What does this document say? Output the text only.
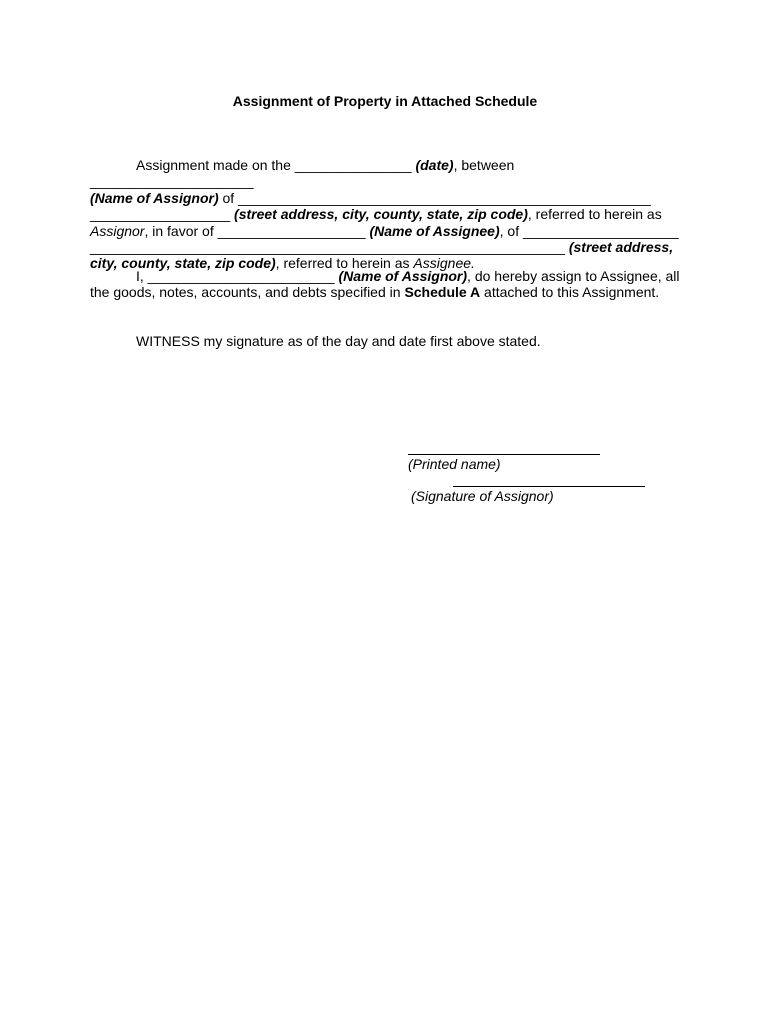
Assignment of Property in Attached Schedule

Assignment made on the _______________ (date), between _____________________
(Name of Assignor) of _____________________________________________________ __________________ (street address, city, county, state, zip code), referred to herein as Assignor, in favor of ___________________ (Name of Assignee), of ____________________ _____________________________________________________________ (street address, city, county, state, zip code), referred to herein as Assignee.

I, ________________________ (Name of Assignor), do hereby assign to Assignee, all the goods, notes, accounts, and debts specified in Schedule A attached to this Assignment.

WITNESS my signature as of the day and date first above stated.

(Printed name)
(Signature of Assignor)
